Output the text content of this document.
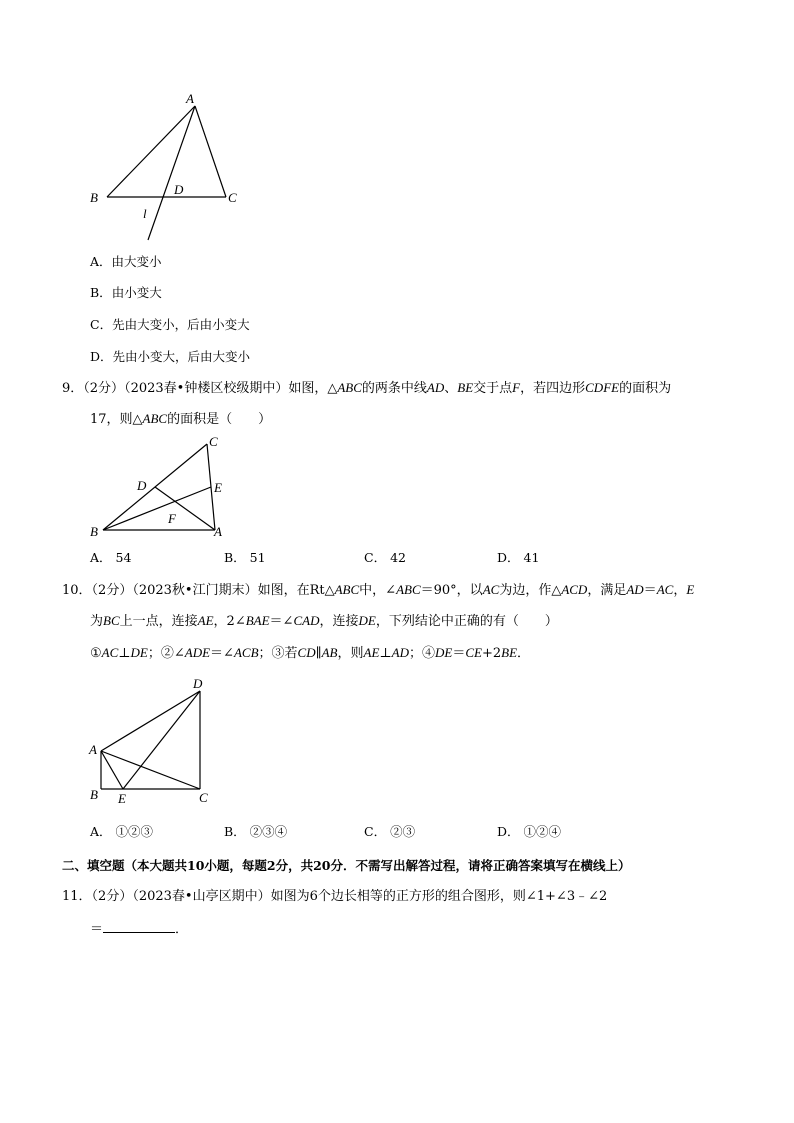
A
B	C
D
l
A．由大变小
B．由小变大
C．先由大变小，后由小变大
D．先由小变大，后由大变小
9．（2分）（2023春•钟楼区校级期中）如图，△ABC的两条中线AD、BE交于点F，若四边形CDFE的面积为
17，则△ABC的面积是（　　）
C
D	E
F
B	A
A． 54	B． 51	C． 42	D． 41
10．（2分）（2023秋•江门期末）如图，在Rt△ABC中，∠ABC＝90°，以AC为边，作△ACD，满足AD＝AC，E
为BC上一点，连接AE，2∠BAE＝∠CAD，连接DE，下列结论中正确的有（　　）
①AC⊥DE；②∠ADE＝∠ACB；③若CD∥AB，则AE⊥AD；④DE＝CE+2BE．
D
A
B E	C
A． ①②③	B． ②③④	C． ②③	D． ①②④
二、填空题（本大题共10小题，每题2分，共20分．不需写出解答过程，请将正确答案填写在横线上）
11．（2分）（2023春•山亭区期中）如图为6个边长相等的正方形的组合图形，则∠1+∠3﹣∠2
＝	．
